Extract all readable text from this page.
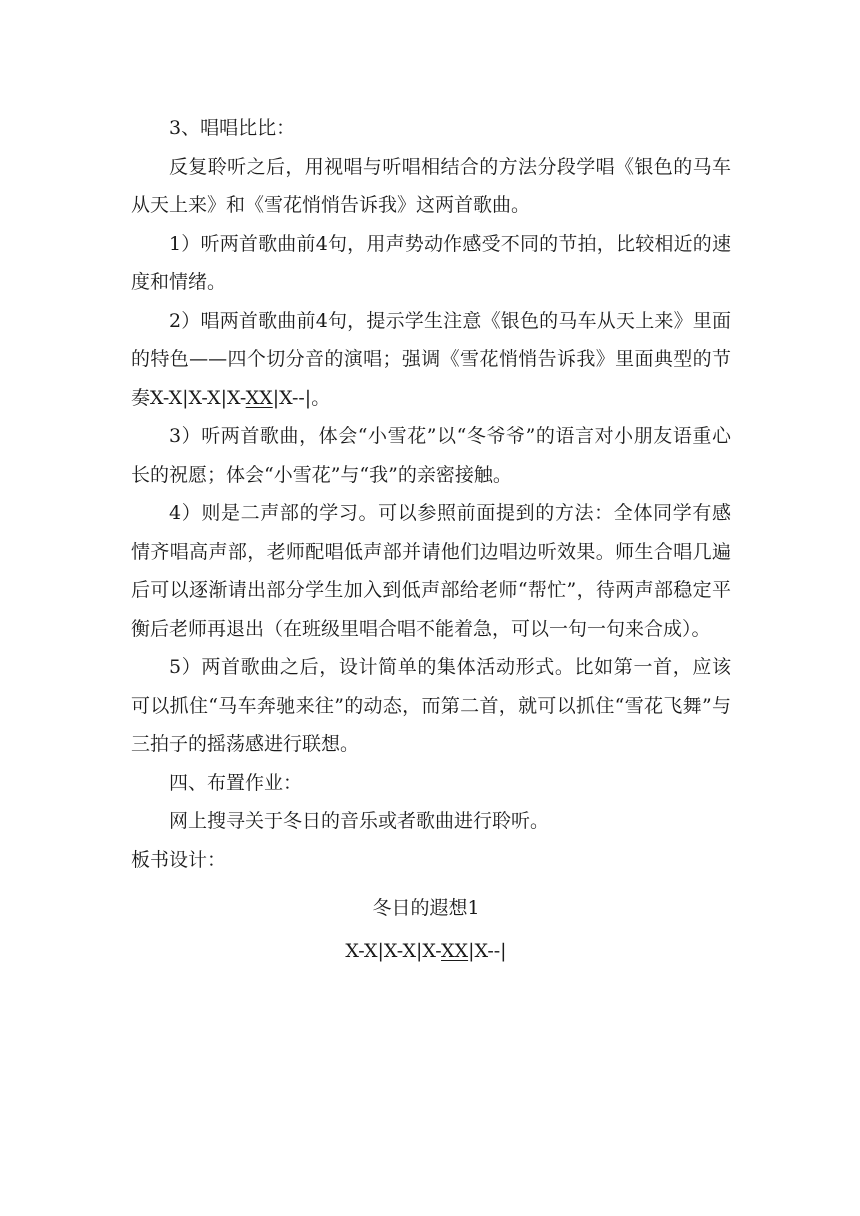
3、唱唱比比：

反复聆听之后，用视唱与听唱相结合的方法分段学唱《银色的马车从天上来》和《雪花悄悄告诉我》这两首歌曲。

1）听两首歌曲前4句，用声势动作感受不同的节拍，比较相近的速度和情绪。

2）唱两首歌曲前4句，提示学生注意《银色的马车从天上来》里面的特色——四个切分音的演唱；强调《雪花悄悄告诉我》里面典型的节奏X-X|X-X|X-XX|X--|。

3）听两首歌曲，体会“小雪花”以“冬爷爷”的语言对小朋友语重心长的祝愿；体会“小雪花”与“我”的亲密接触。

4）则是二声部的学习。可以参照前面提到的方法：全体同学有感情齐唱高声部，老师配唱低声部并请他们边唱边听效果。师生合唱几遍后可以逐渐请出部分学生加入到低声部给老师“帮忙”，待两声部稳定平衡后老师再退出（在班级里唱合唱不能着急，可以一句一句来合成）。

5）两首歌曲之后，设计简单的集体活动形式。比如第一首，应该可以抓住“马车奔驰来往”的动态，而第二首，就可以抓住“雪花飞舞”与三拍子的摇荡感进行联想。

四、布置作业：

网上搜寻关于冬日的音乐或者歌曲进行聆听。

板书设计：

冬日的遐想1

X-X|X-X|X-XX|X--|
